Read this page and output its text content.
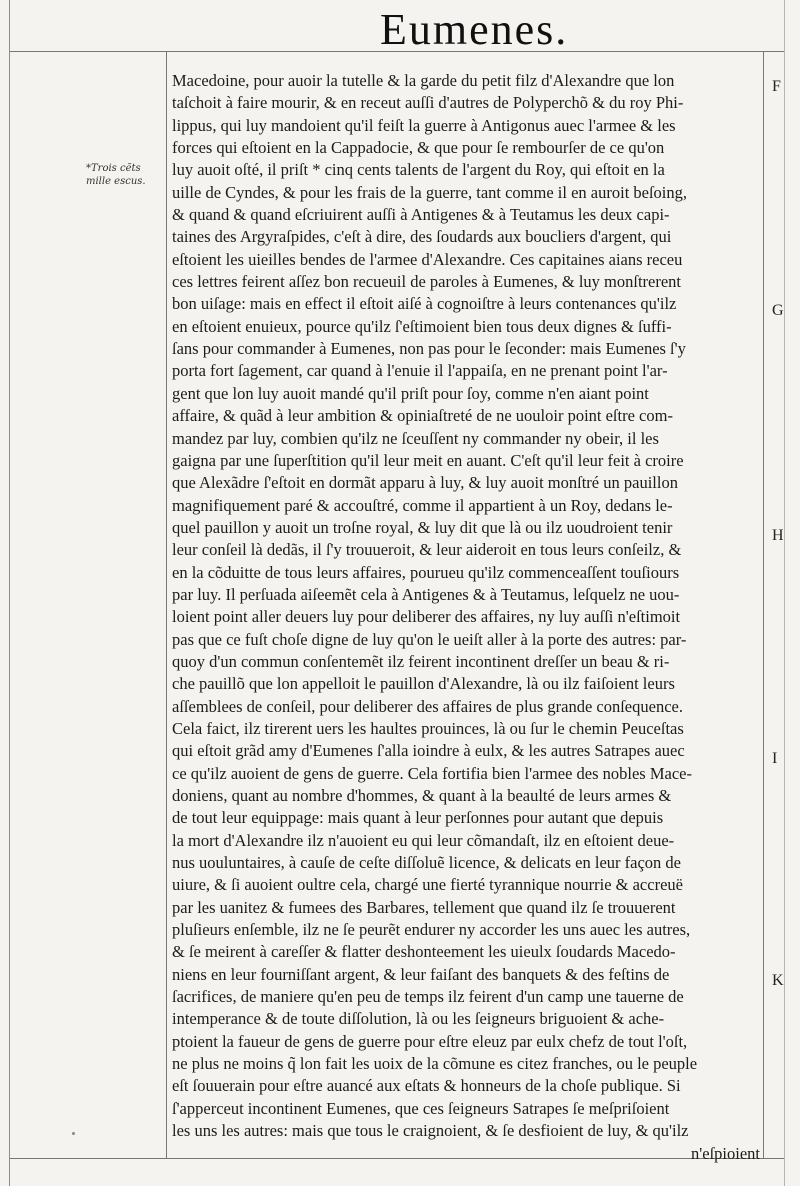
Eumenes.
*Trois cẽts mille escus.
F
G
H
I
K
Macedoine, pour auoir la tutelle & la garde du petit filz d'Alexandre que lon
taſchoit à faire mourir, & en receut auſſi d'autres de Polyperchõ & du roy Phi-
lippus, qui luy mandoient qu'il feiſt la guerre à Antigonus auec l'armee & les
forces qui eſtoient en la Cappadocie, & que pour ſe rembourſer de ce qu'on
luy auoit oſté, il priſt * cinq cents talents de l'argent du Roy, qui eſtoit en la
uille de Cyndes, & pour les frais de la guerre, tant comme il en auroit beſoing,
& quand & quand eſcriuirent auſſi à Antigenes & à Teutamus les deux capi-
taines des Argyraſpides, c'eſt à dire, des ſoudards aux boucliers d'argent, qui
eſtoient les uieilles bendes de l'armee d'Alexandre. Ces capitaines aians receu
ces lettres feirent aſſez bon recueuil de paroles à Eumenes, & luy monſtrerent
bon uiſage: mais en effect il eſtoit aiſé à cognoiſtre à leurs contenances qu'ilz
en eſtoient enuieux, pource qu'ilz ſ'eſtimoient bien tous deux dignes & ſuffi-
ſans pour commander à Eumenes, non pas pour le ſeconder: mais Eumenes ſ'y
porta fort ſagement, car quand à l'enuie il l'appaiſa, en ne prenant point l'ar-
gent que lon luy auoit mandé qu'il priſt pour ſoy, comme n'en aiant point
affaire, & quãd à leur ambition & opiniaſtreté de ne uouloir point eſtre com-
mandez par luy, combien qu'ilz ne ſceuſſent ny commander ny obeir, il les
gaigna par une ſuperſtition qu'il leur meit en auant. C'eſt qu'il leur feit à croire
que Alexãdre ſ'eſtoit en dormãt apparu à luy, & luy auoit monſtré un pauillon
magnifiquement paré & accouſtré, comme il appartient à un Roy, dedans le-
quel pauillon y auoit un troſne royal, & luy dit que là ou ilz uoudroient tenir
leur conſeil là dedãs, il ſ'y trouueroit, & leur aideroit en tous leurs conſeilz, &
en la cõduitte de tous leurs affaires, pourueu qu'ilz commenceaſſent touſiours
par luy. Il perſuada aiſeemẽt cela à Antigenes & à Teutamus, leſquelz ne uou-
loient point aller deuers luy pour deliberer des affaires, ny luy auſſi n'eſtimoit
pas que ce fuſt choſe digne de luy qu'on le ueiſt aller à la porte des autres: par-
quoy d'un commun conſentemẽt ilz feirent incontinent dreſſer un beau & ri-
che pauillõ que lon appelloit le pauillon d'Alexandre, là ou ilz faiſoient leurs
aſſemblees de conſeil, pour deliberer des affaires de plus grande conſequence.
Cela faict, ilz tirerent uers les haultes prouinces, là ou ſur le chemin Peuceſtas
qui eſtoit grãd amy d'Eumenes ſ'alla ioindre à eulx, & les autres Satrapes auec
ce qu'ilz auoient de gens de guerre. Cela fortifia bien l'armee des nobles Mace-
doniens, quant au nombre d'hommes, & quant à la beaulté de leurs armes &
de tout leur equippage: mais quant à leur perſonnes pour autant que depuis
la mort d'Alexandre ilz n'auoient eu qui leur cõmandaſt, ilz en eſtoient deue-
nus uouluntaires, à cauſe de ceſte diſſoluẽ licence, & delicats en leur façon de
uiure, & ſi auoient oultre cela, chargé une fierté tyrannique nourrie & accreuë
par les uanitez & fumees des Barbares, tellement que quand ilz ſe trouuerent
pluſieurs enſemble, ilz ne ſe peurẽt endurer ny accorder les uns auec les autres,
& ſe meirent à careſſer & flatter deshonteement les uieulx ſoudards Macedo-
niens en leur fourniſſant argent, & leur faiſant des banquets & des feſtins de
ſacrifices, de maniere qu'en peu de temps ilz feirent d'un camp une tauerne de
intemperance & de toute diſſolution, là ou les ſeigneurs briguoient & ache-
ptoient la faueur de gens de guerre pour eſtre eleuz par eulx chefz de tout l'oſt,
ne plus ne moins q̃ lon fait les uoix de la cõmune es citez franches, ou le peuple
eſt ſouuerain pour eſtre auancé aux eſtats & honneurs de la choſe publique. Si
ſ'apperceut incontinent Eumenes, que ces ſeigneurs Satrapes ſe meſpriſoient
les uns les autres: mais que tous le craignoient, & ſe desfioient de luy, & qu'ilz
n'eſpioient
